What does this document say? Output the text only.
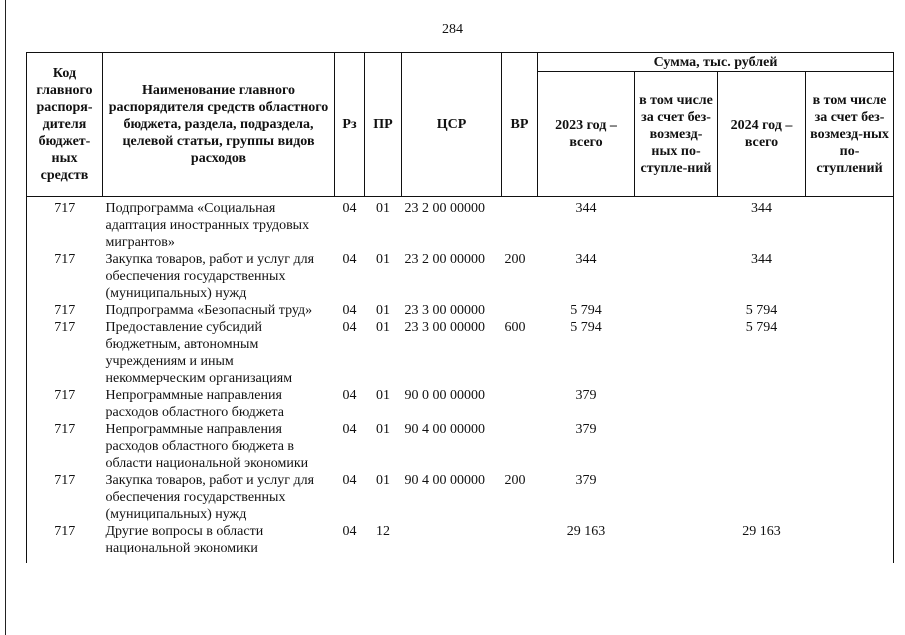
284
Код главного распоря-дителя бюджет-ных средств	Наименование главного распорядителя средств областного бюджета, раздела, подраздела, целевой статьи, группы видов расходов	Рз	ПР	ЦСР	ВР	Сумма, тыс. рублей			
						2023 год – всего	в том числе за счет без-возмезд-ных по-ступле-ний	2024 год – всего	в том числе за счет без-возмезд-ных по-ступлений
717	Подпрограмма «Социальная адаптация иностранных трудовых мигрантов»	04	01	23 2 00 00000		344		344	
717	Закупка товаров, работ и услуг для обеспечения государственных (муниципальных) нужд	04	01	23 2 00 00000	200	344		344	
717	Подпрограмма «Безопасный труд»	04	01	23 3 00 00000		5 794		5 794	
717	Предоставление субсидий бюджетным, автономным учреждениям и иным некоммерческим организациям	04	01	23 3 00 00000	600	5 794		5 794	
717	Непрограммные направления расходов областного бюджета	04	01	90 0 00 00000		379			
717	Непрограммные направления расходов областного бюджета в области национальной экономики	04	01	90 4 00 00000		379			
717	Закупка товаров, работ и услуг для обеспечения государственных (муниципальных) нужд	04	01	90 4 00 00000	200	379			
717	Другие вопросы в области национальной экономики	04	12			29 163		29 163	
